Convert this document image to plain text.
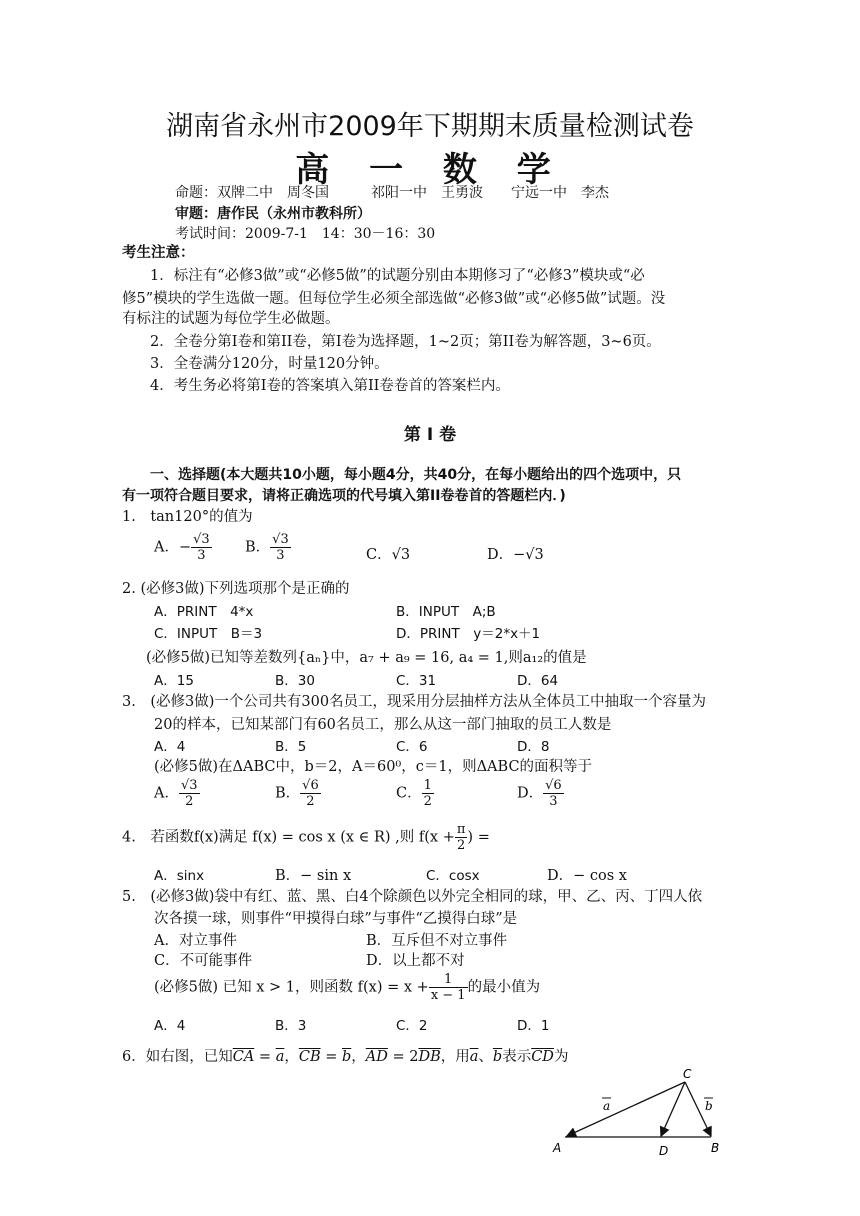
湖南省永州市2009年下期期末质量检测试卷
高 一 数 学
命题：双牌二中　周冬国　　　祁阳一中　王勇波　　宁远一中　李杰
审题：唐作民（永州市教科所）
考试时间：2009-7-1　14：30－16：30
考生注意：
1．标注有“必修3做”或“必修5做”的试题分别由本期修习了“必修3”模块或“必
修5”模块的学生选做一题。但每位学生必须全部选做“必修3做”或“必修5做”试题。没
有标注的试题为每位学生必做题。
2．全卷分第I卷和第II卷，第I卷为选择题，1~2页；第II卷为解答题，3~6页。
3．全卷满分120分，时量120分钟。
4．考生务必将第I卷的答案填入第II卷卷首的答案栏内。
第 I 卷
一、选择题(本大题共10小题，每小题4分，共40分，在每小题给出的四个选项中，只
有一项符合题目要求，请将正确选项的代号填入第II卷卷首的答题栏内．)
1.　tan120°的值为
A．− $\frac{√3}{3}$ B． $\frac{√3}{3}$	C．√3	D．−√3
2. (必修3做)下列选项那个是正确的
A．PRINT　4*x	B．INPUT　A;B
C．INPUT　B＝3	D．PRINT　y＝2*x＋1
(必修5做)已知等差数列{aₙ}中，a₇ + a₉ = 16, a₄ = 1,则a₁₂的值是
A．15	B．30	C．31	D．64
3.　(必修3做)一个公司共有300名员工，现采用分层抽样方法从全体员工中抽取一个容量为
20的样本，已知某部门有60名员工，那么从这一部门抽取的员工人数是
A．4	B．5	C．6	D．8
(必修5做)在ΔABC中，b＝2，A＝60⁰，c＝1，则ΔABC的面积等于
A． $\frac{√3}{2}$	B． $\frac{√6}{2}$	C． $\frac{1}{2}$	D． $\frac{√6}{3}$
4.　若函数f(x)满足 f(x) = cos x (x ∈ R) ,则 $f(x + \frac{\pi}{2}$ ) =
A．sinx	B．− sin x	C．cosx	D．− cos x
5.　(必修3做)袋中有红、蓝、黑、白4个除颜色以外完全相同的球，甲、乙、丙、丁四人依
次各摸一球，则事件“甲摸得白球”与事件“乙摸得白球”是
A．对立事件	B．互斥但不对立事件
C．不可能事件	D．以上都不对
(必修5做) 已知 x > 1，则函数 $f(x) = x + \frac{1}{x - 1}$ 的最小值为
A．4	B．3	C．2	D．1
6．如右图，已知$\overline{CA} = \overline{a}$，$\overline{CB} = \overline{b}$，$\overline{AD} = 2\overline{DB}$，用$\overline{a}$、$\overline{b}$表示$\overline{CD}$为
C
A	D	B
a	b
